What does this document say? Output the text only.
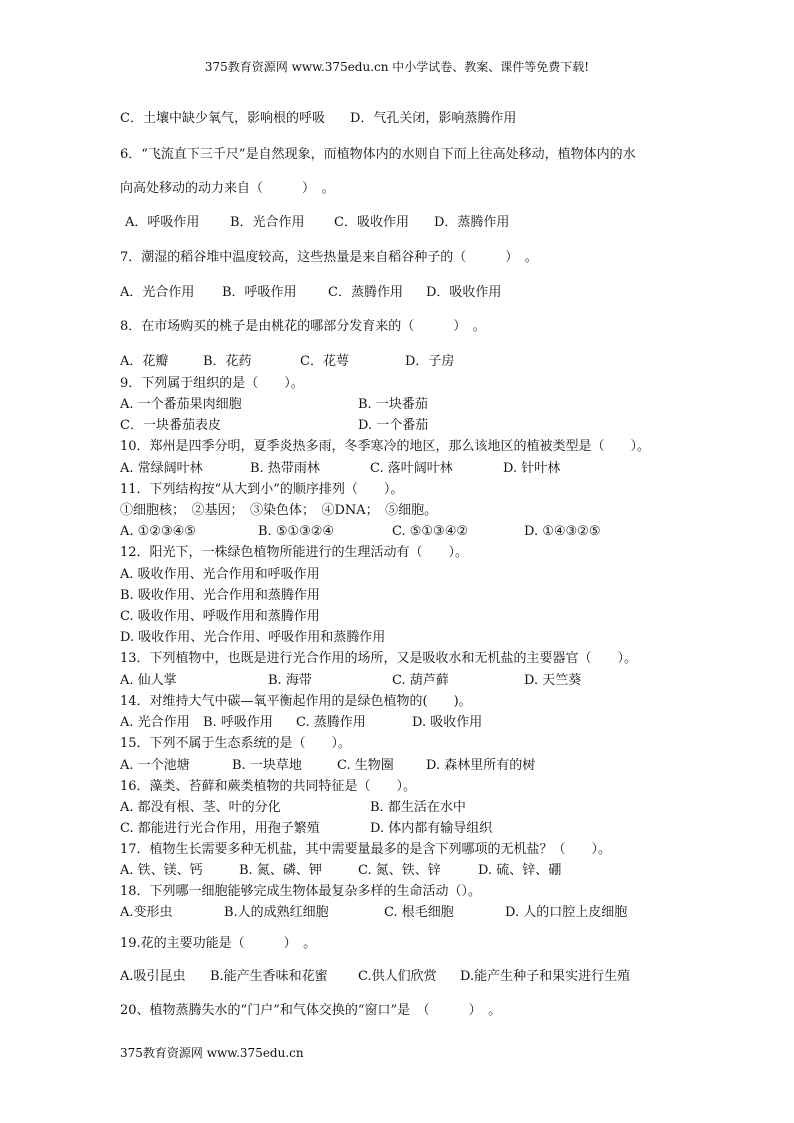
375教育资源网 www.375edu.cn 中小学试卷、教案、课件等免费下载!
C．土壤中缺少氧气，影响根的呼吸 D．气孔关闭，影响蒸腾作用
6．“飞流直下三千尺”是自然现象，而植物体内的水则自下而上往高处移动，植物体内的水
向高处移动的动力来自（　　　）　。
A．呼吸作用 B．光合作用 C．吸收作用 D．蒸腾作用
7．潮湿的稻谷堆中温度较高，这些热量是来自稻谷种子的（　　　）　。
A．光合作用 B．呼吸作用 C．蒸腾作用 D．吸收作用
8．在市场购买的桃子是由桃花的哪部分发育来的（　　　）　。
A．花瓣	B．花药	C．花萼	D．子房
9．下列属于组织的是（　　）。
A. 一个番茄果肉细胞	B. 一块番茄
C．一块番茄表皮	D. 一个番茄
10．郑州是四季分明，夏季炎热多雨，冬季寒冷的地区，那么该地区的植被类型是（　　）。
A. 常绿阔叶林	B. 热带雨林	C. 落叶阔叶林	D. 针叶林
11．下列结构按“从大到小”的顺序排列（　　）。
①细胞核；　②基因；　③染色体；　④DNA；　⑤细胞。
A. ①②③④⑤	B. ⑤①③②④	C. ⑤①③④②	D. ①④③②⑤
12．阳光下，一株绿色植物所能进行的生理活动有（　　）。
A. 吸收作用、光合作用和呼吸作用
B. 吸收作用、光合作用和蒸腾作用
C. 吸收作用、呼吸作用和蒸腾作用
D. 吸收作用、光合作用、呼吸作用和蒸腾作用
13．下列植物中，也既是进行光合作用的场所，又是吸收水和无机盐的主要器官（　　）。
A. 仙人掌	B. 海带	C. 葫芦藓	D. 天竺葵
14．对维持大气中碳—氧平衡起作用的是绿色植物的(　　)。
A. 光合作用 B. 呼吸作用 C. 蒸腾作用	D. 吸收作用
15．下列不属于生态系统的是（　　）。
A. 一个池塘	B. 一块草地	C. 生物圈 D. 森林里所有的树
16．藻类、苔藓和蕨类植物的共同特征是（　　）。
A. 都没有根、茎、叶的分化	B. 都生活在水中
C. 都能进行光合作用，用孢子繁殖	D. 体内都有输导组织
17．植物生长需要多种无机盐，其中需要量最多的是含下列哪项的无机盐？（　　）。
A. 铁、镁、钙	B. 氮、磷、钾	C. 氮、铁、锌	D. 硫、锌、硼
18．下列哪一细胞能够完成生物体最复杂多样的生命活动（）。
A.变形虫	B.人的成熟红细胞	C. 根毛细胞	D. 人的口腔上皮细胞
19.花的主要功能是（　　　）　。
A.吸引昆虫 B.能产生香味和花蜜 C.供人们欣赏 D.能产生种子和果实进行生殖
20、植物蒸腾失水的“门户”和气体交换的“窗口”是　（　　　）　。
375教育资源网 www.375edu.cn
